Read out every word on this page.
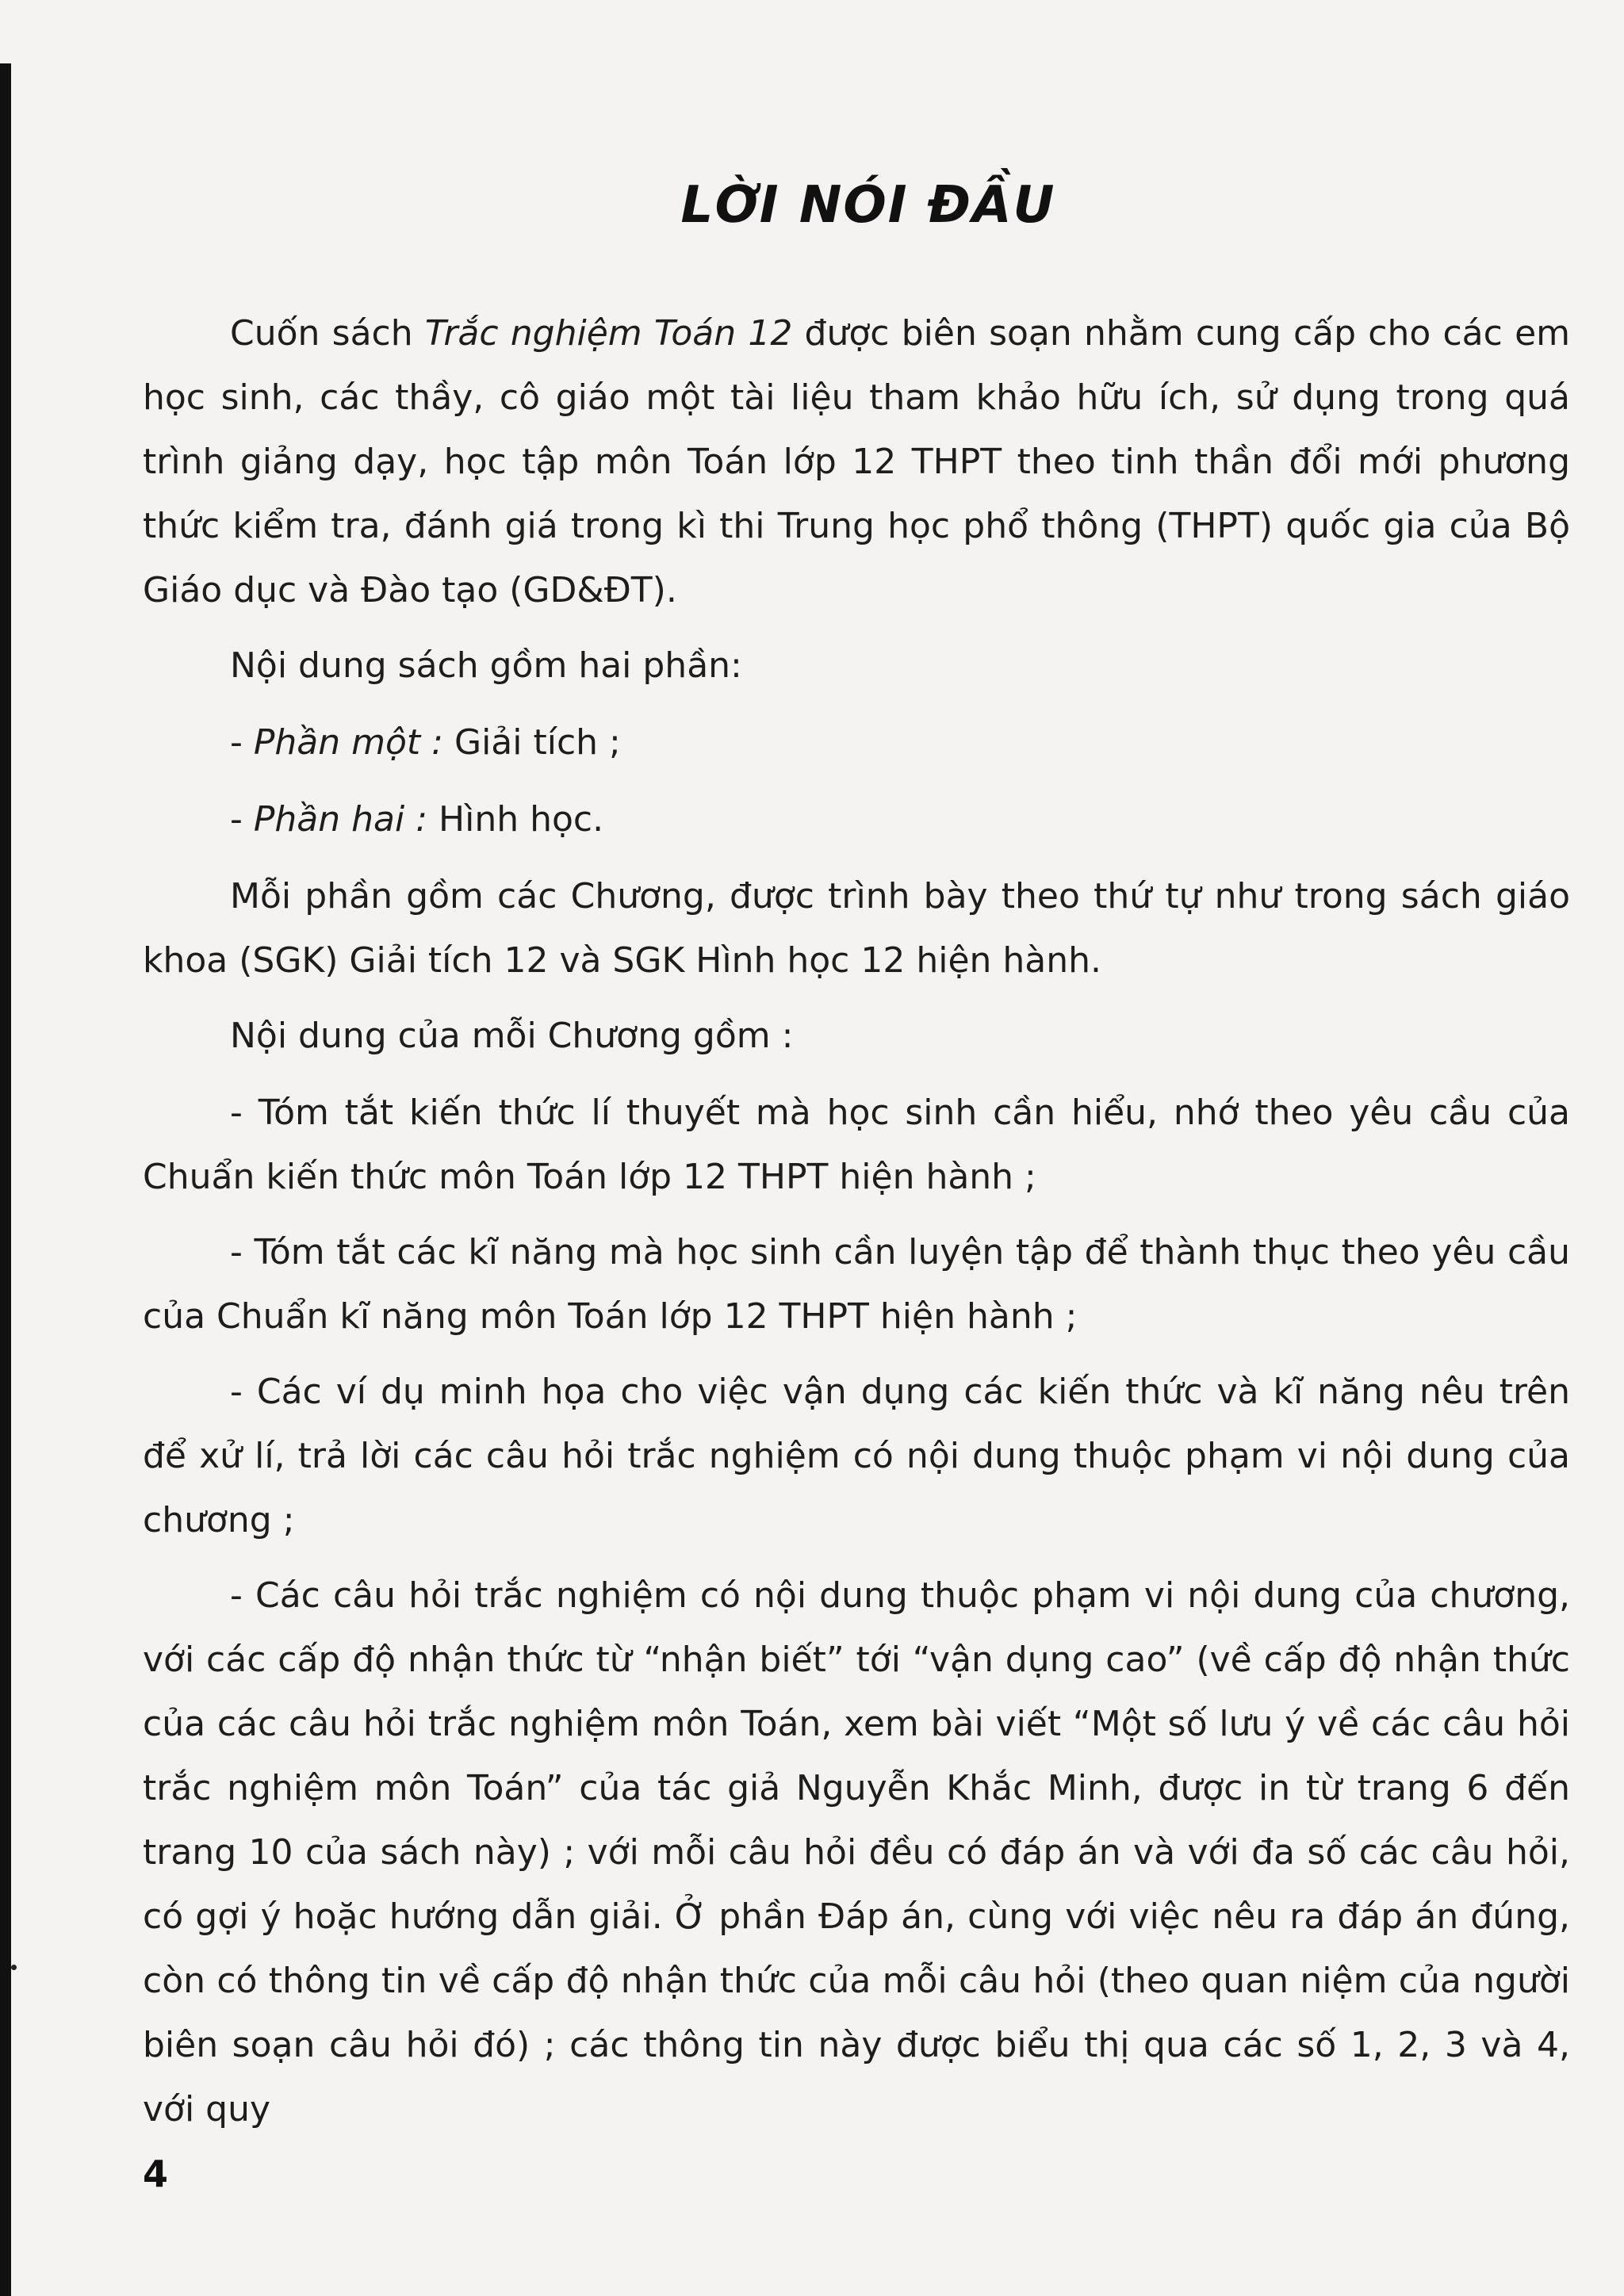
LỜI NÓI ĐẦU

Cuốn sách Trắc nghiệm Toán 12 được biên soạn nhằm cung cấp cho các em học sinh, các thầy, cô giáo một tài liệu tham khảo hữu ích, sử dụng trong quá trình giảng dạy, học tập môn Toán lớp 12 THPT theo tinh thần đổi mới phương thức kiểm tra, đánh giá trong kì thi Trung học phổ thông (THPT) quốc gia của Bộ Giáo dục và Đào tạo (GD&ĐT).

Nội dung sách gồm hai phần:

- Phần một : Giải tích ;

- Phần hai : Hình học.

Mỗi phần gồm các Chương, được trình bày theo thứ tự như trong sách giáo khoa (SGK) Giải tích 12 và SGK Hình học 12 hiện hành.

Nội dung của mỗi Chương gồm :

- Tóm tắt kiến thức lí thuyết mà học sinh cần hiểu, nhớ theo yêu cầu của Chuẩn kiến thức môn Toán lớp 12 THPT hiện hành ;

- Tóm tắt các kĩ năng mà học sinh cần luyện tập để thành thục theo yêu cầu của Chuẩn kĩ năng môn Toán lớp 12 THPT hiện hành ;

- Các ví dụ minh họa cho việc vận dụng các kiến thức và kĩ năng nêu trên để xử lí, trả lời các câu hỏi trắc nghiệm có nội dung thuộc phạm vi nội dung của chương ;

- Các câu hỏi trắc nghiệm có nội dung thuộc phạm vi nội dung của chương, với các cấp độ nhận thức từ “nhận biết” tới “vận dụng cao” (về cấp độ nhận thức của các câu hỏi trắc nghiệm môn Toán, xem bài viết “Một số lưu ý về các câu hỏi trắc nghiệm môn Toán” của tác giả Nguyễn Khắc Minh, được in từ trang 6 đến trang 10 của sách này) ; với mỗi câu hỏi đều có đáp án và với đa số các câu hỏi, có gợi ý hoặc hướng dẫn giải. Ở phần Đáp án, cùng với việc nêu ra đáp án đúng, còn có thông tin về cấp độ nhận thức của mỗi câu hỏi (theo quan niệm của người biên soạn câu hỏi đó) ; các thông tin này được biểu thị qua các số 1, 2, 3 và 4, với quy

4
